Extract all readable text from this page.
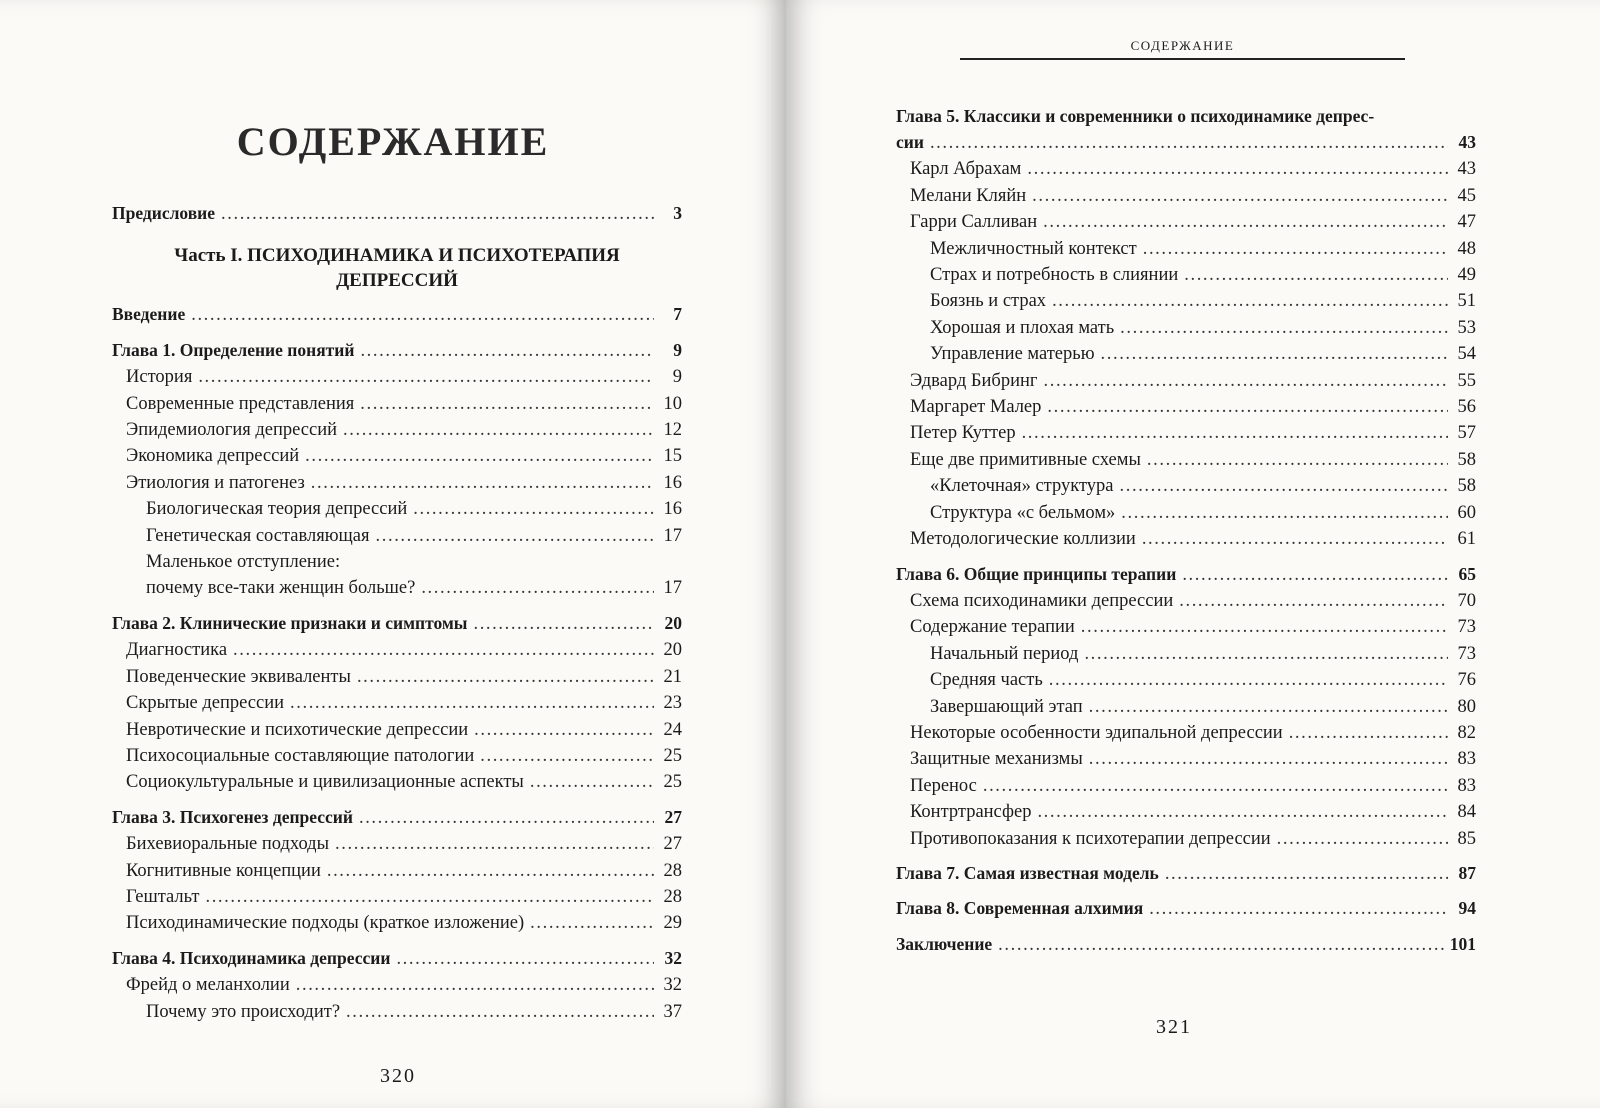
СОДЕРЖАНИЕ
Предисловие .....	3
Часть I. ПСИХОДИНАМИКА И ПСИХОТЕРАПИЯ ДЕПРЕССИЙ
Введение .....	7
Глава 1. Определение понятий .....	9
История .....	9
Современные представления .....	10
Эпидемиология депрессий .....	12
Экономика депрессий .....	15
Этиология и патогенез .....	16
Биологическая теория депрессий .....	16
Генетическая составляющая .....	17
Маленькое отступление:
почему все-таки женщин больше? .....	17
Глава 2. Клинические признаки и симптомы .....	20
Диагностика .....	20
Поведенческие эквиваленты .....	21
Скрытые депрессии .....	23
Невротические и психотические депрессии .....	24
Психосоциальные составляющие патологии .....	25
Социокультуральные и цивилизационные аспекты .....	25
Глава 3. Психогенез депрессий .....	27
Бихевиоральные подходы .....	27
Когнитивные концепции .....	28
Гештальт .....	28
Психодинамические подходы (краткое изложение) .....	29
Глава 4. Психодинамика депрессии .....	32
Фрейд о меланхолии .....	32
Почему это происходит? .....	37
320
СОДЕРЖАНИЕ
Глава 5. Классики и современники о психодинамике депрес-
сии .....	43
Карл Абрахам .....	43
Мелани Кляйн .....	45
Гарри Салливан .....	47
Межличностный контекст .....	48
Страх и потребность в слиянии .....	49
Боязнь и страх .....	51
Хорошая и плохая мать .....	53
Управление матерью .....	54
Эдвард Бибринг .....	55
Маргарет Малер .....	56
Петер Куттер .....	57
Еще две примитивные схемы .....	58
«Клеточная» структура .....	58
Структура «с бельмом» .....	60
Методологические коллизии .....	61
Глава 6. Общие принципы терапии .....	65
Схема психодинамики депрессии .....	70
Содержание терапии .....	73
Начальный период .....	73
Средняя часть .....	76
Завершающий этап .....	80
Некоторые особенности эдипальной депрессии .....	82
Защитные механизмы .....	83
Перенос .....	83
Контртрансфер .....	84
Противопоказания к психотерапии депрессии .....	85
Глава 7. Самая известная модель .....	87
Глава 8. Современная алхимия .....	94
Заключение .....	101
321
